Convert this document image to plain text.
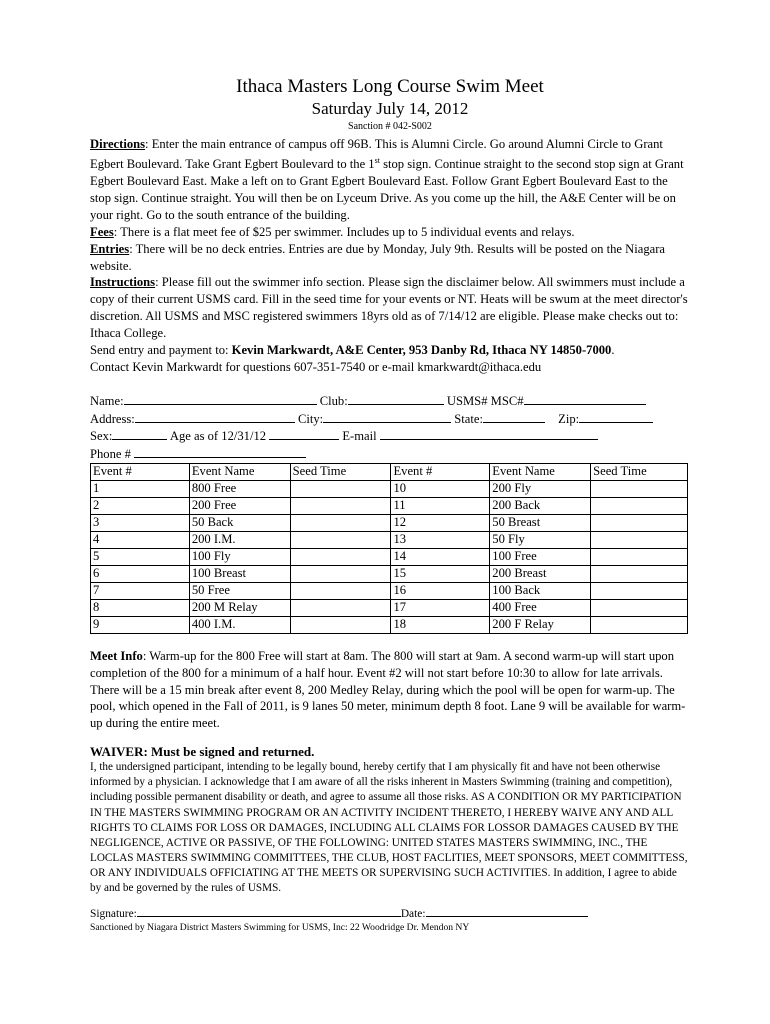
Ithaca Masters Long Course Swim Meet
Saturday July 14, 2012
Sanction # 042-S002

Directions: Enter the main entrance of campus off 96B. This is Alumni Circle. Go around Alumni Circle to Grant Egbert Boulevard. Take Grant Egbert Boulevard to the 1st stop sign. Continue straight to the second stop sign at Grant Egbert Boulevard East. Make a left on to Grant Egbert Boulevard East. Follow Grant Egbert Boulevard East to the stop sign. Continue straight. You will then be on Lyceum Drive. As you come up the hill, the A&E Center will be on your right. Go to the south entrance of the building.

Fees: There is a flat meet fee of $25 per swimmer. Includes up to 5 individual events and relays.

Entries: There will be no deck entries. Entries are due by Monday, July 9th. Results will be posted on the Niagara website.

Instructions: Please fill out the swimmer info section. Please sign the disclaimer below. All swimmers must include a copy of their current USMS card. Fill in the seed time for your events or NT. Heats will be swum at the meet director's discretion. All USMS and MSC registered swimmers 18yrs old as of 7/14/12 are eligible. Please make checks out to: Ithaca College.

Send entry and payment to: Kevin Markwardt, A&E Center, 953 Danby Rd, Ithaca NY 14850-7000.

Contact Kevin Markwardt for questions 607-351-7540 or e-mail kmarkwardt@ithaca.edu

Name:	Club:	USMS# MSC#
Address:	City:	State:	Zip:
Sex:	Age as of 12/31/12	E-mail
Phone #
Event #	Event Name	Seed Time	Event #	Event Name	Seed Time
1	800 Free		10	200 Fly	
2	200 Free		11	200 Back	
3	50 Back		12	50 Breast	
4	200 I.M.		13	50 Fly	
5	100 Fly		14	100 Free	
6	100 Breast		15	200 Breast	
7	50 Free		16	100 Back	
8	200 M Relay		17	400 Free	
9	400 I.M.		18	200 F Relay	

Meet Info: Warm-up for the 800 Free will start at 8am. The 800 will start at 9am. A second warm-up will start upon completion of the 800 for a minimum of a half hour. Event #2 will not start before 10:30 to allow for late arrivals. There will be a 15 min break after event 8, 200 Medley Relay, during which the pool will be open for warm-up. The pool, which opened in the Fall of 2011, is 9 lanes 50 meter, minimum depth 8 foot. Lane 9 will be available for warm-up during the entire meet.

WAIVER: Must be signed and returned.

I, the undersigned participant, intending to be legally bound, hereby certify that I am physically fit and have not been otherwise informed by a physician. I acknowledge that I am aware of all the risks inherent in Masters Swimming (training and competition), including possible permanent disability or death, and agree to assume all those risks. AS A CONDITION OR MY PARTICIPATION IN THE MASTERS SWIMMING PROGRAM OR AN ACTIVITY INCIDENT THERETO, I HEREBY WAIVE ANY AND ALL RIGHTS TO CLAIMS FOR LOSS OR DAMAGES, INCLUDING ALL CLAIMS FOR LOSSOR DAMAGES CAUSED BY THE NEGLIGENCE, ACTIVE OR PASSIVE, OF THE FOLLOWING: UNITED STATES MASTERS SWIMMING, INC., THE LOCLAS MASTERS SWIMMING COMMITTEES, THE CLUB, HOST FACLITIES, MEET SPONSORS, MEET COMMITTESS, OR ANY INDIVIDUALS OFFICIATING AT THE MEETS OR SUPERVISING SUCH ACTIVITIES. In addition, I agree to abide by and be governed by the rules of USMS.

Signature:	Date:
Sanctioned by Niagara District Masters Swimming for USMS, Inc: 22 Woodridge Dr. Mendon NY
